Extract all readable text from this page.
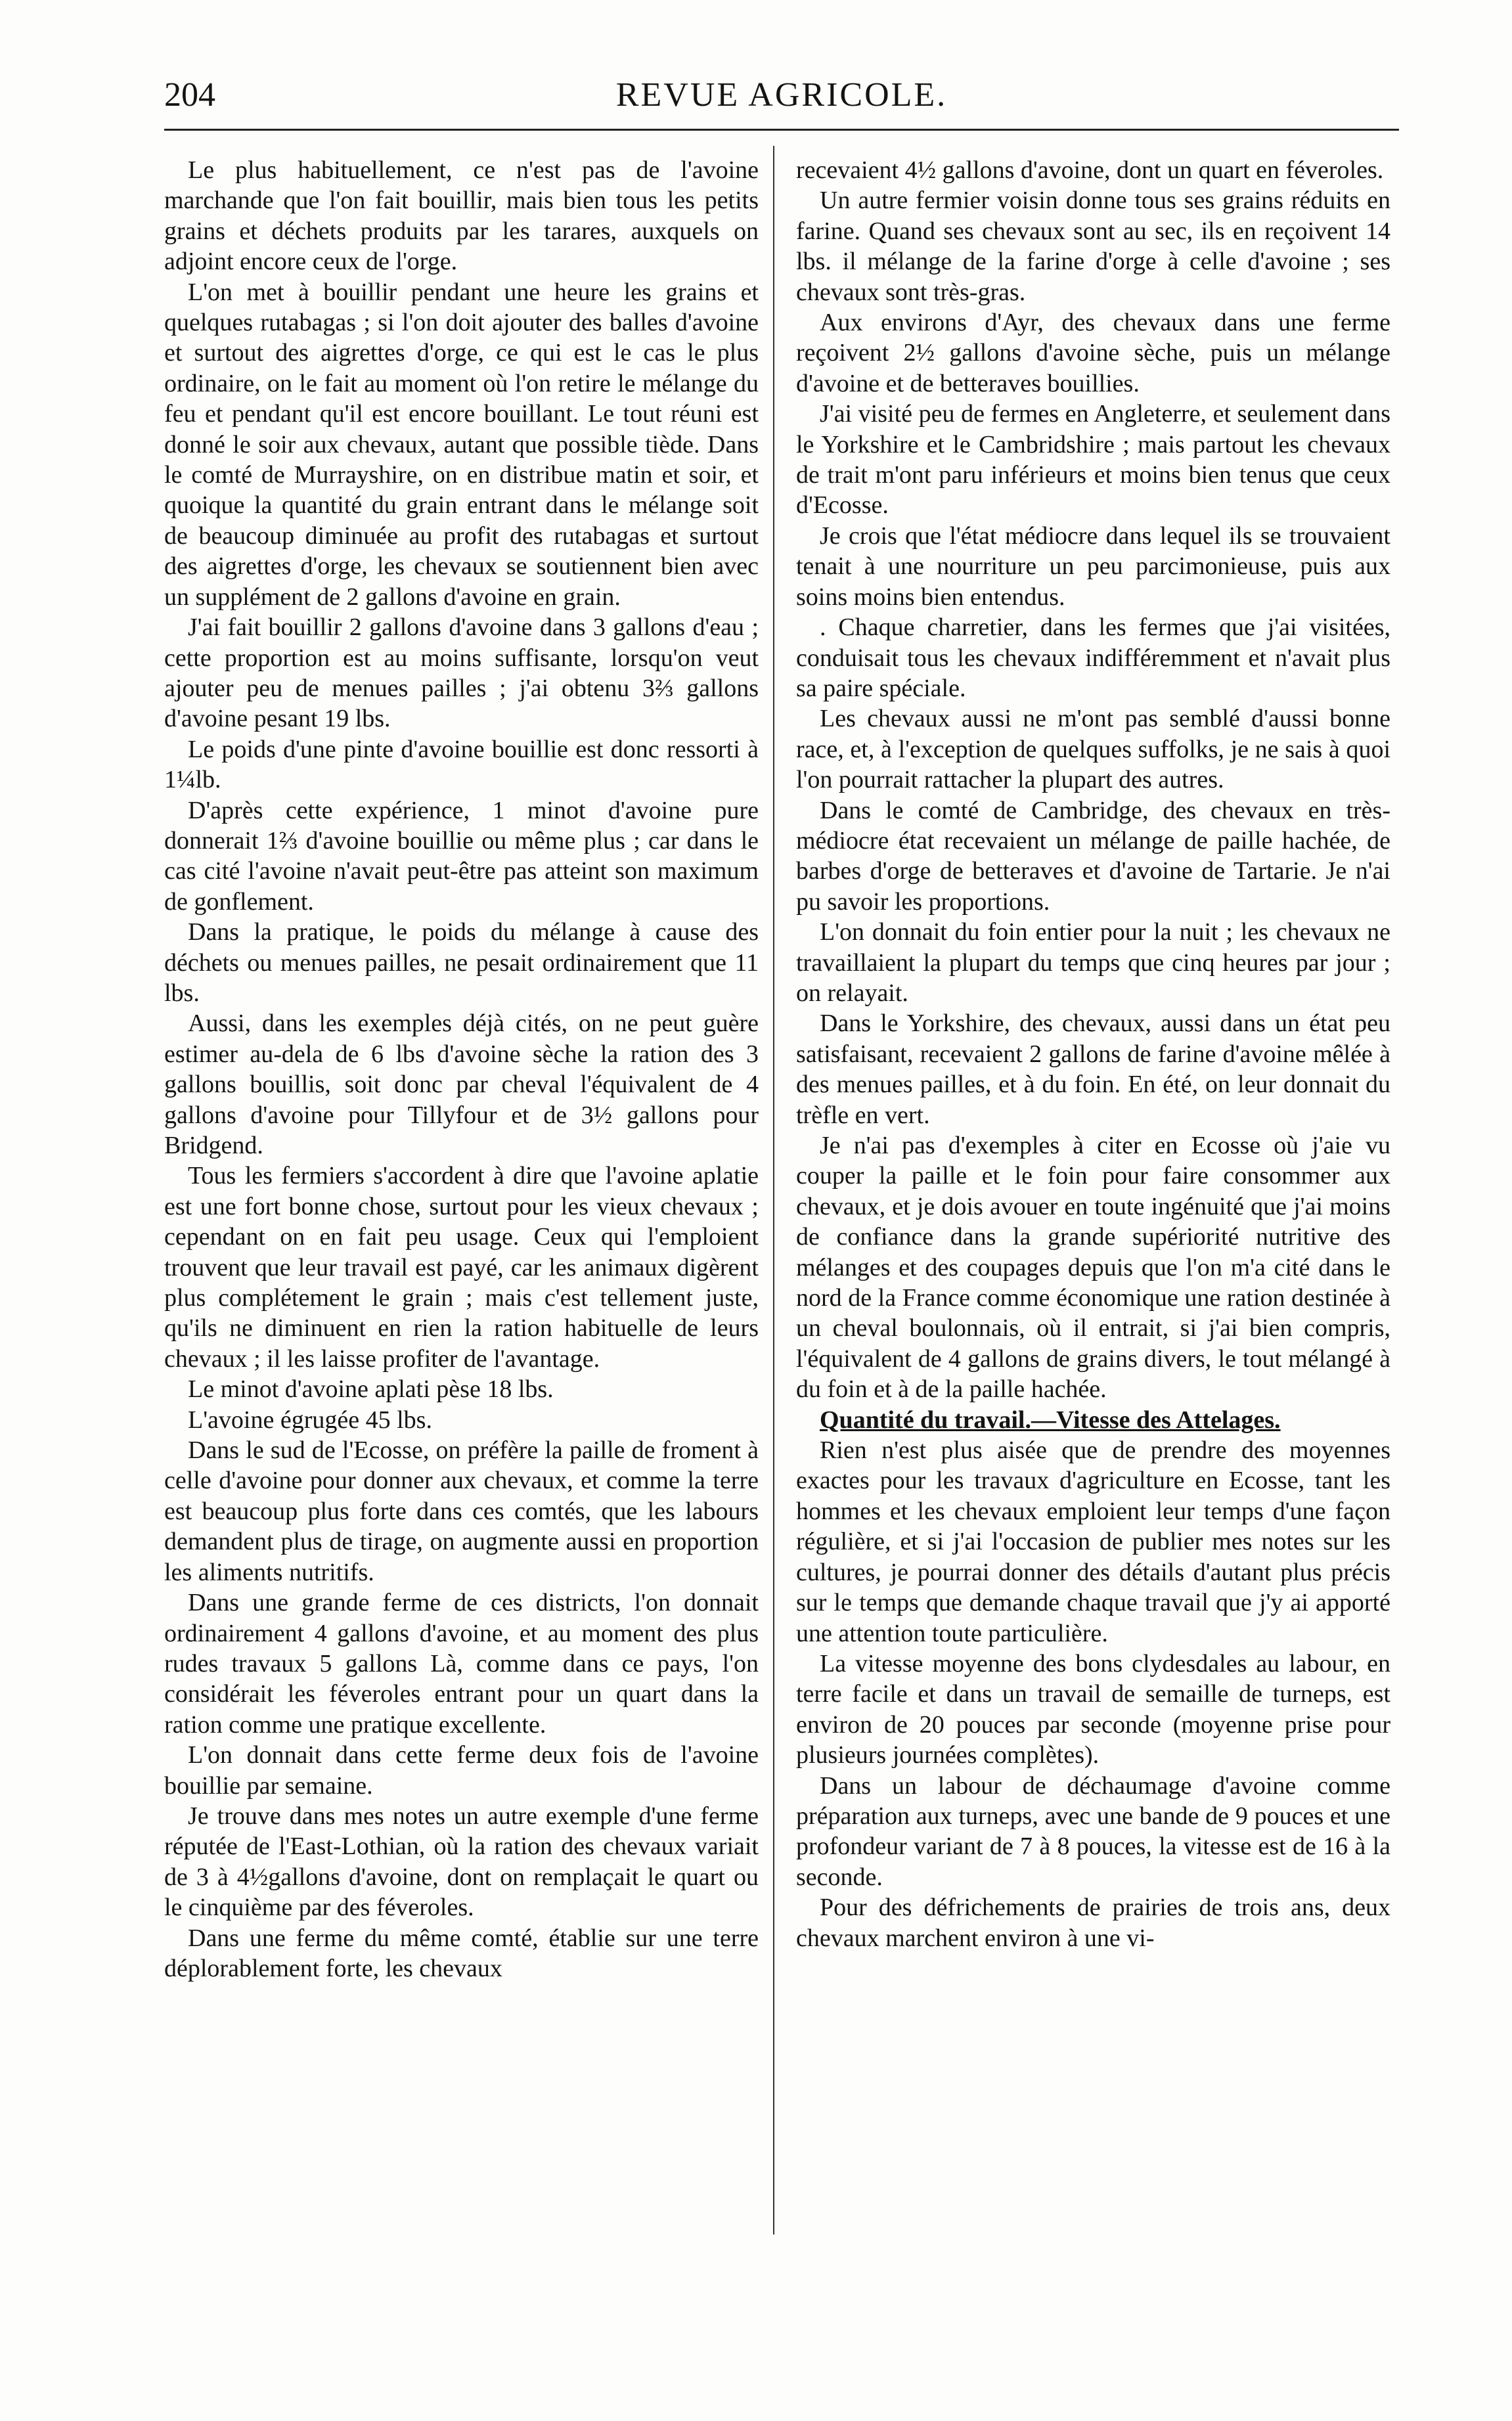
204	REVUE AGRICOLE.

Le plus habituellement, ce n'est pas de l'avoine marchande que l'on fait bouillir, mais bien tous les petits grains et déchets produits par les tarares, auxquels on adjoint encore ceux de l'orge.

L'on met à bouillir pendant une heure les grains et quelques rutabagas ; si l'on doit ajouter des balles d'avoine et surtout des aigrettes d'orge, ce qui est le cas le plus ordinaire, on le fait au moment où l'on retire le mélange du feu et pendant qu'il est encore bouillant. Le tout réuni est donné le soir aux chevaux, autant que possible tiède. Dans le comté de Murrayshire, on en distribue matin et soir, et quoique la quantité du grain entrant dans le mélange soit de beaucoup diminuée au profit des rutabagas et surtout des aigrettes d'orge, les chevaux se soutiennent bien avec un supplément de 2 gallons d'avoine en grain.

J'ai fait bouillir 2 gallons d'avoine dans 3 gallons d'eau ; cette proportion est au moins suffisante, lorsqu'on veut ajouter peu de menues pailles ; j'ai obtenu 3⅔ gallons d'avoine pesant 19 lbs.

Le poids d'une pinte d'avoine bouillie est donc ressorti à 1¼lb.

D'après cette expérience, 1 minot d'avoine pure donnerait 1⅔ d'avoine bouillie ou même plus ; car dans le cas cité l'avoine n'avait peut-être pas atteint son maximum de gonflement.

Dans la pratique, le poids du mélange à cause des déchets ou menues pailles, ne pesait ordinairement que 11 lbs.

Aussi, dans les exemples déjà cités, on ne peut guère estimer au-dela de 6 lbs d'avoine sèche la ration des 3 gallons bouillis, soit donc par cheval l'équivalent de 4 gallons d'avoine pour Tillyfour et de 3½ gallons pour Bridgend.

Tous les fermiers s'accordent à dire que l'avoine aplatie est une fort bonne chose, surtout pour les vieux chevaux ; cependant on en fait peu usage. Ceux qui l'emploient trouvent que leur travail est payé, car les animaux digèrent plus complétement le grain ; mais c'est tellement juste, qu'ils ne diminuent en rien la ration habituelle de leurs chevaux ; il les laisse profiter de l'avantage.

Le minot d'avoine aplati pèse 18 lbs.

L'avoine égrugée 45 lbs.

Dans le sud de l'Ecosse, on préfère la paille de froment à celle d'avoine pour donner aux chevaux, et comme la terre est beaucoup plus forte dans ces comtés, que les labours demandent plus de tirage, on augmente aussi en proportion les aliments nutritifs.

Dans une grande ferme de ces districts, l'on donnait ordinairement 4 gallons d'avoine, et au moment des plus rudes travaux 5 gallons Là, comme dans ce pays, l'on considérait les féveroles entrant pour un quart dans la ration comme une pratique excellente.

L'on donnait dans cette ferme deux fois de l'avoine bouillie par semaine.

Je trouve dans mes notes un autre exemple d'une ferme réputée de l'East-Lothian, où la ration des chevaux variait de 3 à 4½gallons d'avoine, dont on remplaçait le quart ou le cinquième par des féveroles.

Dans une ferme du même comté, établie sur une terre déplorablement forte, les chevaux

recevaient 4½ gallons d'avoine, dont un quart en féveroles.

Un autre fermier voisin donne tous ses grains réduits en farine. Quand ses chevaux sont au sec, ils en reçoivent 14 lbs. il mélange de la farine d'orge à celle d'avoine ; ses chevaux sont très-gras.

Aux environs d'Ayr, des chevaux dans une ferme reçoivent 2½ gallons d'avoine sèche, puis un mélange d'avoine et de betteraves bouillies.

J'ai visité peu de fermes en Angleterre, et seulement dans le Yorkshire et le Cambridshire ; mais partout les chevaux de trait m'ont paru inférieurs et moins bien tenus que ceux d'Ecosse.

Je crois que l'état médiocre dans lequel ils se trouvaient tenait à une nourriture un peu parcimonieuse, puis aux soins moins bien entendus.

. Chaque charretier, dans les fermes que j'ai visitées, conduisait tous les chevaux indifféremment et n'avait plus sa paire spéciale.

Les chevaux aussi ne m'ont pas semblé d'aussi bonne race, et, à l'exception de quelques suffolks, je ne sais à quoi l'on pourrait rattacher la plupart des autres.

Dans le comté de Cambridge, des chevaux en très-médiocre état recevaient un mélange de paille hachée, de barbes d'orge de betteraves et d'avoine de Tartarie. Je n'ai pu savoir les proportions.

L'on donnait du foin entier pour la nuit ; les chevaux ne travaillaient la plupart du temps que cinq heures par jour ; on relayait.

Dans le Yorkshire, des chevaux, aussi dans un état peu satisfaisant, recevaient 2 gallons de farine d'avoine mêlée à des menues pailles, et à du foin. En été, on leur donnait du trèfle en vert.

Je n'ai pas d'exemples à citer en Ecosse où j'aie vu couper la paille et le foin pour faire consommer aux chevaux, et je dois avouer en toute ingénuité que j'ai moins de confiance dans la grande supériorité nutritive des mélanges et des coupages depuis que l'on m'a cité dans le nord de la France comme économique une ration destinée à un cheval boulonnais, où il entrait, si j'ai bien compris, l'équivalent de 4 gallons de grains divers, le tout mélangé à du foin et à de la paille hachée.

Quantité du travail.—Vitesse des Attelages.

Rien n'est plus aisée que de prendre des moyennes exactes pour les travaux d'agriculture en Ecosse, tant les hommes et les chevaux emploient leur temps d'une façon régulière, et si j'ai l'occasion de publier mes notes sur les cultures, je pourrai donner des détails d'autant plus précis sur le temps que demande chaque travail que j'y ai apporté une attention toute particulière.

La vitesse moyenne des bons clydesdales au labour, en terre facile et dans un travail de semaille de turneps, est environ de 20 pouces par seconde (moyenne prise pour plusieurs journées complètes).

Dans un labour de déchaumage d'avoine comme préparation aux turneps, avec une bande de 9 pouces et une profondeur variant de 7 à 8 pouces, la vitesse est de 16 à la seconde.

Pour des défrichements de prairies de trois ans, deux chevaux marchent environ à une vi-
